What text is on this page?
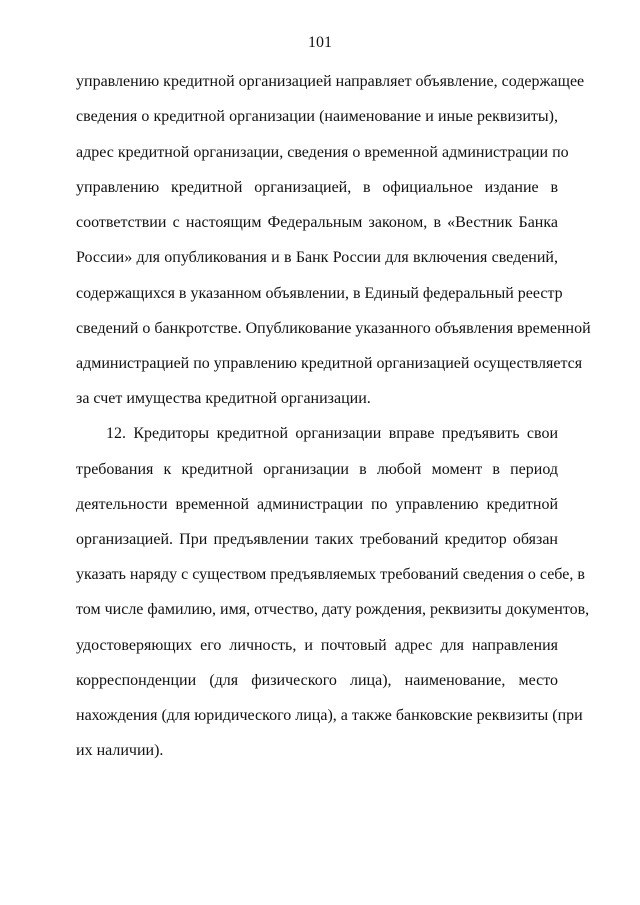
101
управлению кредитной организацией направляет объявление, содержащее
сведения о кредитной организации (наименование и иные реквизиты),
адрес кредитной организации, сведения о временной администрации по
управлению кредитной организацией, в официальное издание в
соответствии с настоящим Федеральным законом, в «Вестник Банка
России» для опубликования и в Банк России для включения сведений,
содержащихся в указанном объявлении, в Единый федеральный реестр
сведений о банкротстве. Опубликование указанного объявления временной
администрацией по управлению кредитной организацией осуществляется
за счет имущества кредитной организации.
12. Кредиторы кредитной организации вправе предъявить свои
требования к кредитной организации в любой момент в период
деятельности временной администрации по управлению кредитной
организацией. При предъявлении таких требований кредитор обязан
указать наряду с существом предъявляемых требований сведения о себе, в
том числе фамилию, имя, отчество, дату рождения, реквизиты документов,
удостоверяющих его личность, и почтовый адрес для направления
корреспонденции (для физического лица), наименование, место
нахождения (для юридического лица), а также банковские реквизиты (при
их наличии).
